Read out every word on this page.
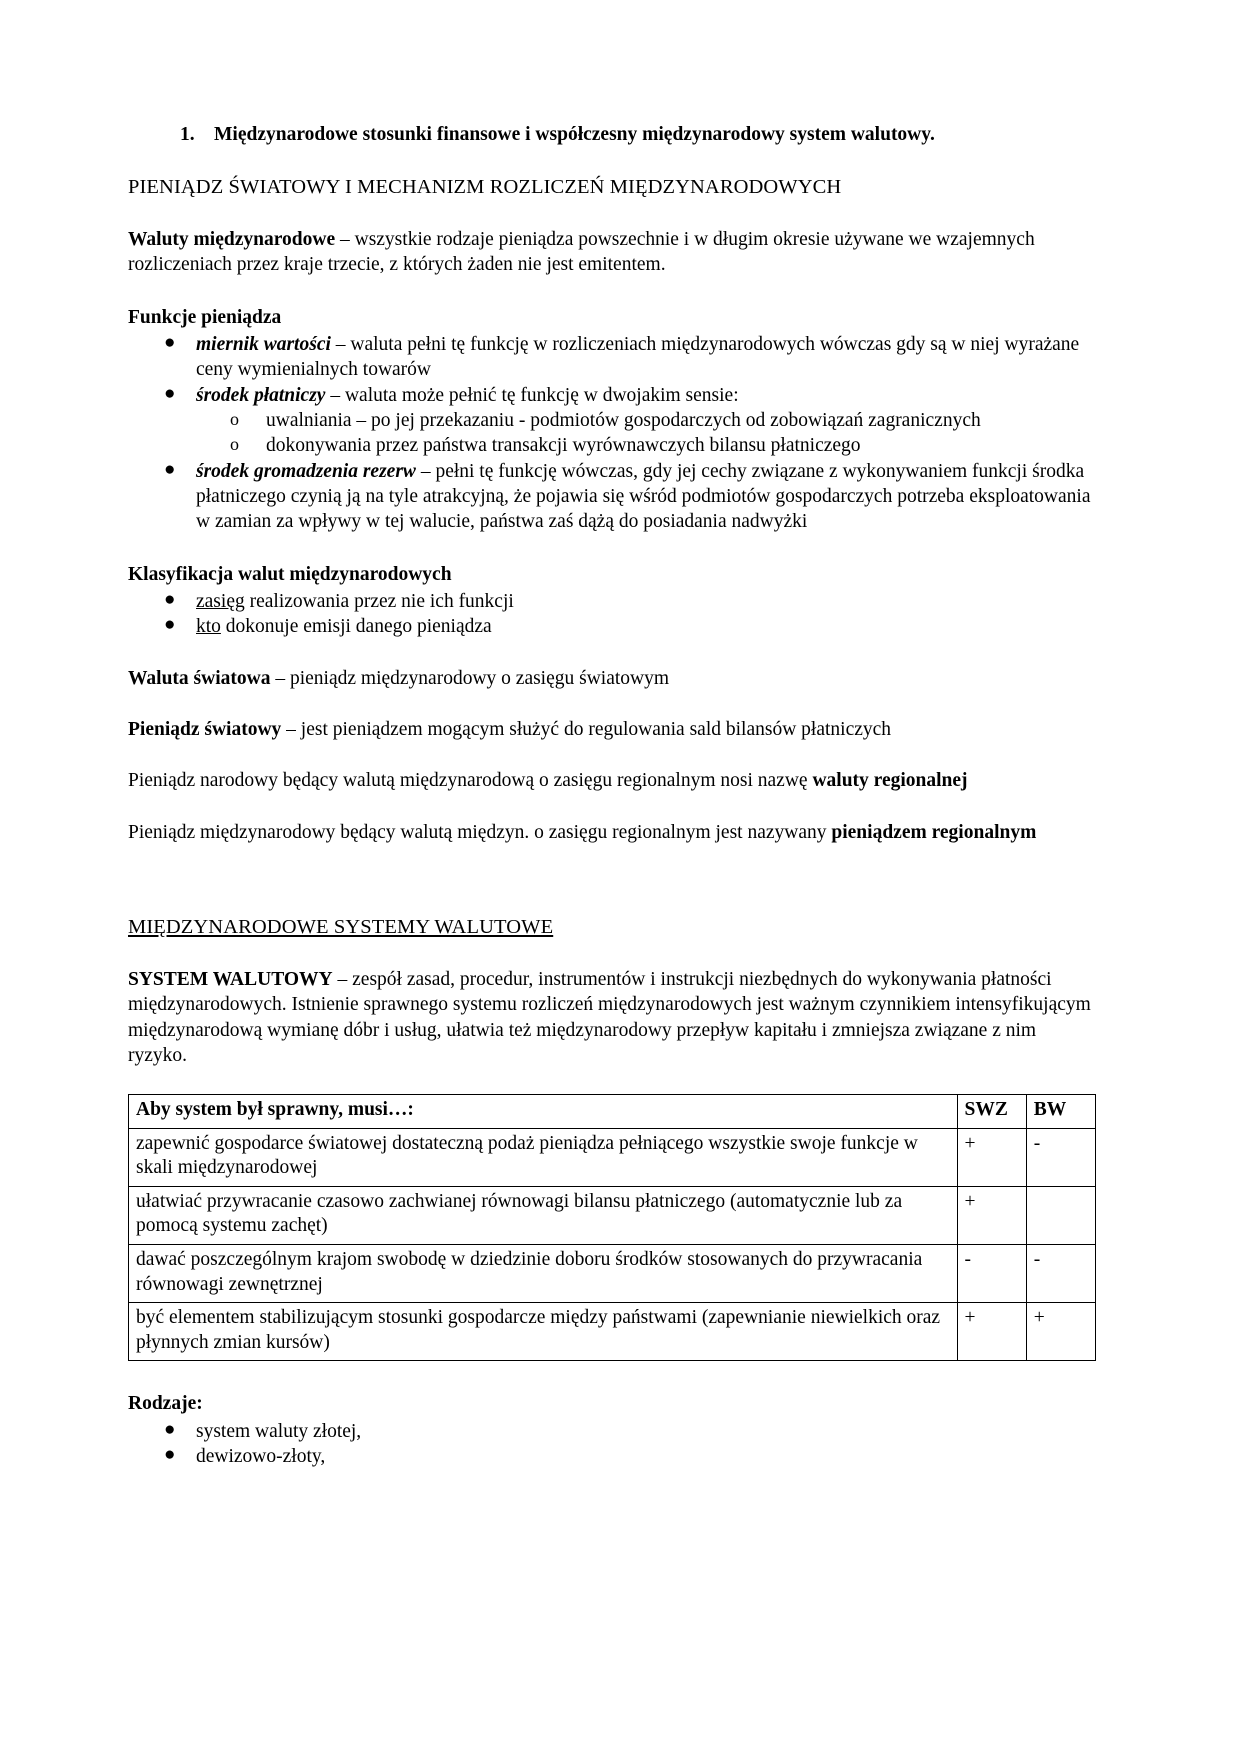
1. Międzynarodowe stosunki finansowe i współczesny międzynarodowy system walutowy.
PIENIĄDZ ŚWIATOWY I MECHANIZM ROZLICZEŃ MIĘDZYNARODOWYCH

Waluty międzynarodowe – wszystkie rodzaje pieniądza powszechnie i w długim okresie używane we wzajemnych rozliczeniach przez kraje trzecie, z których żaden nie jest emitentem.

Funkcje pieniądza
● miernik wartości – waluta pełni tę funkcję w rozliczeniach międzynarodowych wówczas gdy są w niej wyrażane ceny wymienialnych towarów
● środek płatniczy – waluta może pełnić tę funkcję w dwojakim sensie:
o uwalniania – po jej przekazaniu - podmiotów gospodarczych od zobowiązań zagranicznych
o dokonywania przez państwa transakcji wyrównawczych bilansu płatniczego
● środek gromadzenia rezerw – pełni tę funkcję wówczas, gdy jej cechy związane z wykonywaniem funkcji środka płatniczego czynią ją na tyle atrakcyjną, że pojawia się wśród podmiotów gospodarczych potrzeba eksploatowania w zamian za wpływy w tej walucie, państwa zaś dążą do posiadania nadwyżki
Klasyfikacja walut międzynarodowych
● zasięg realizowania przez nie ich funkcji
● kto dokonuje emisji danego pieniądza

Waluta światowa – pieniądz międzynarodowy o zasięgu światowym

Pieniądz światowy – jest pieniądzem mogącym służyć do regulowania sald bilansów płatniczych

Pieniądz narodowy będący walutą międzynarodową o zasięgu regionalnym nosi nazwę waluty regionalnej

Pieniądz międzynarodowy będący walutą międzyn. o zasięgu regionalnym jest nazywany pieniądzem regionalnym

MIĘDZYNARODOWE SYSTEMY WALUTOWE

SYSTEM WALUTOWY – zespół zasad, procedur, instrumentów i instrukcji niezbędnych do wykonywania płatności międzynarodowych. Istnienie sprawnego systemu rozliczeń międzynarodowych jest ważnym czynnikiem intensyfikującym międzynarodową wymianę dóbr i usług, ułatwia też międzynarodowy przepływ kapitału i zmniejsza związane z nim ryzyko.

Aby system był sprawny, musi…:	SWZ	BW
zapewnić gospodarce światowej dostateczną podaż pieniądza pełniącego wszystkie swoje funkcje w skali międzynarodowej	+	-
ułatwiać przywracanie czasowo zachwianej równowagi bilansu płatniczego (automatycznie lub za pomocą systemu zachęt)	+	
dawać poszczególnym krajom swobodę w dziedzinie doboru środków stosowanych do przywracania równowagi zewnętrznej	-	-
być elementem stabilizującym stosunki gospodarcze między państwami (zapewnianie niewielkich oraz płynnych zmian kursów)	+	+
Rodzaje:
● system waluty złotej,
● dewizowo-złoty,
